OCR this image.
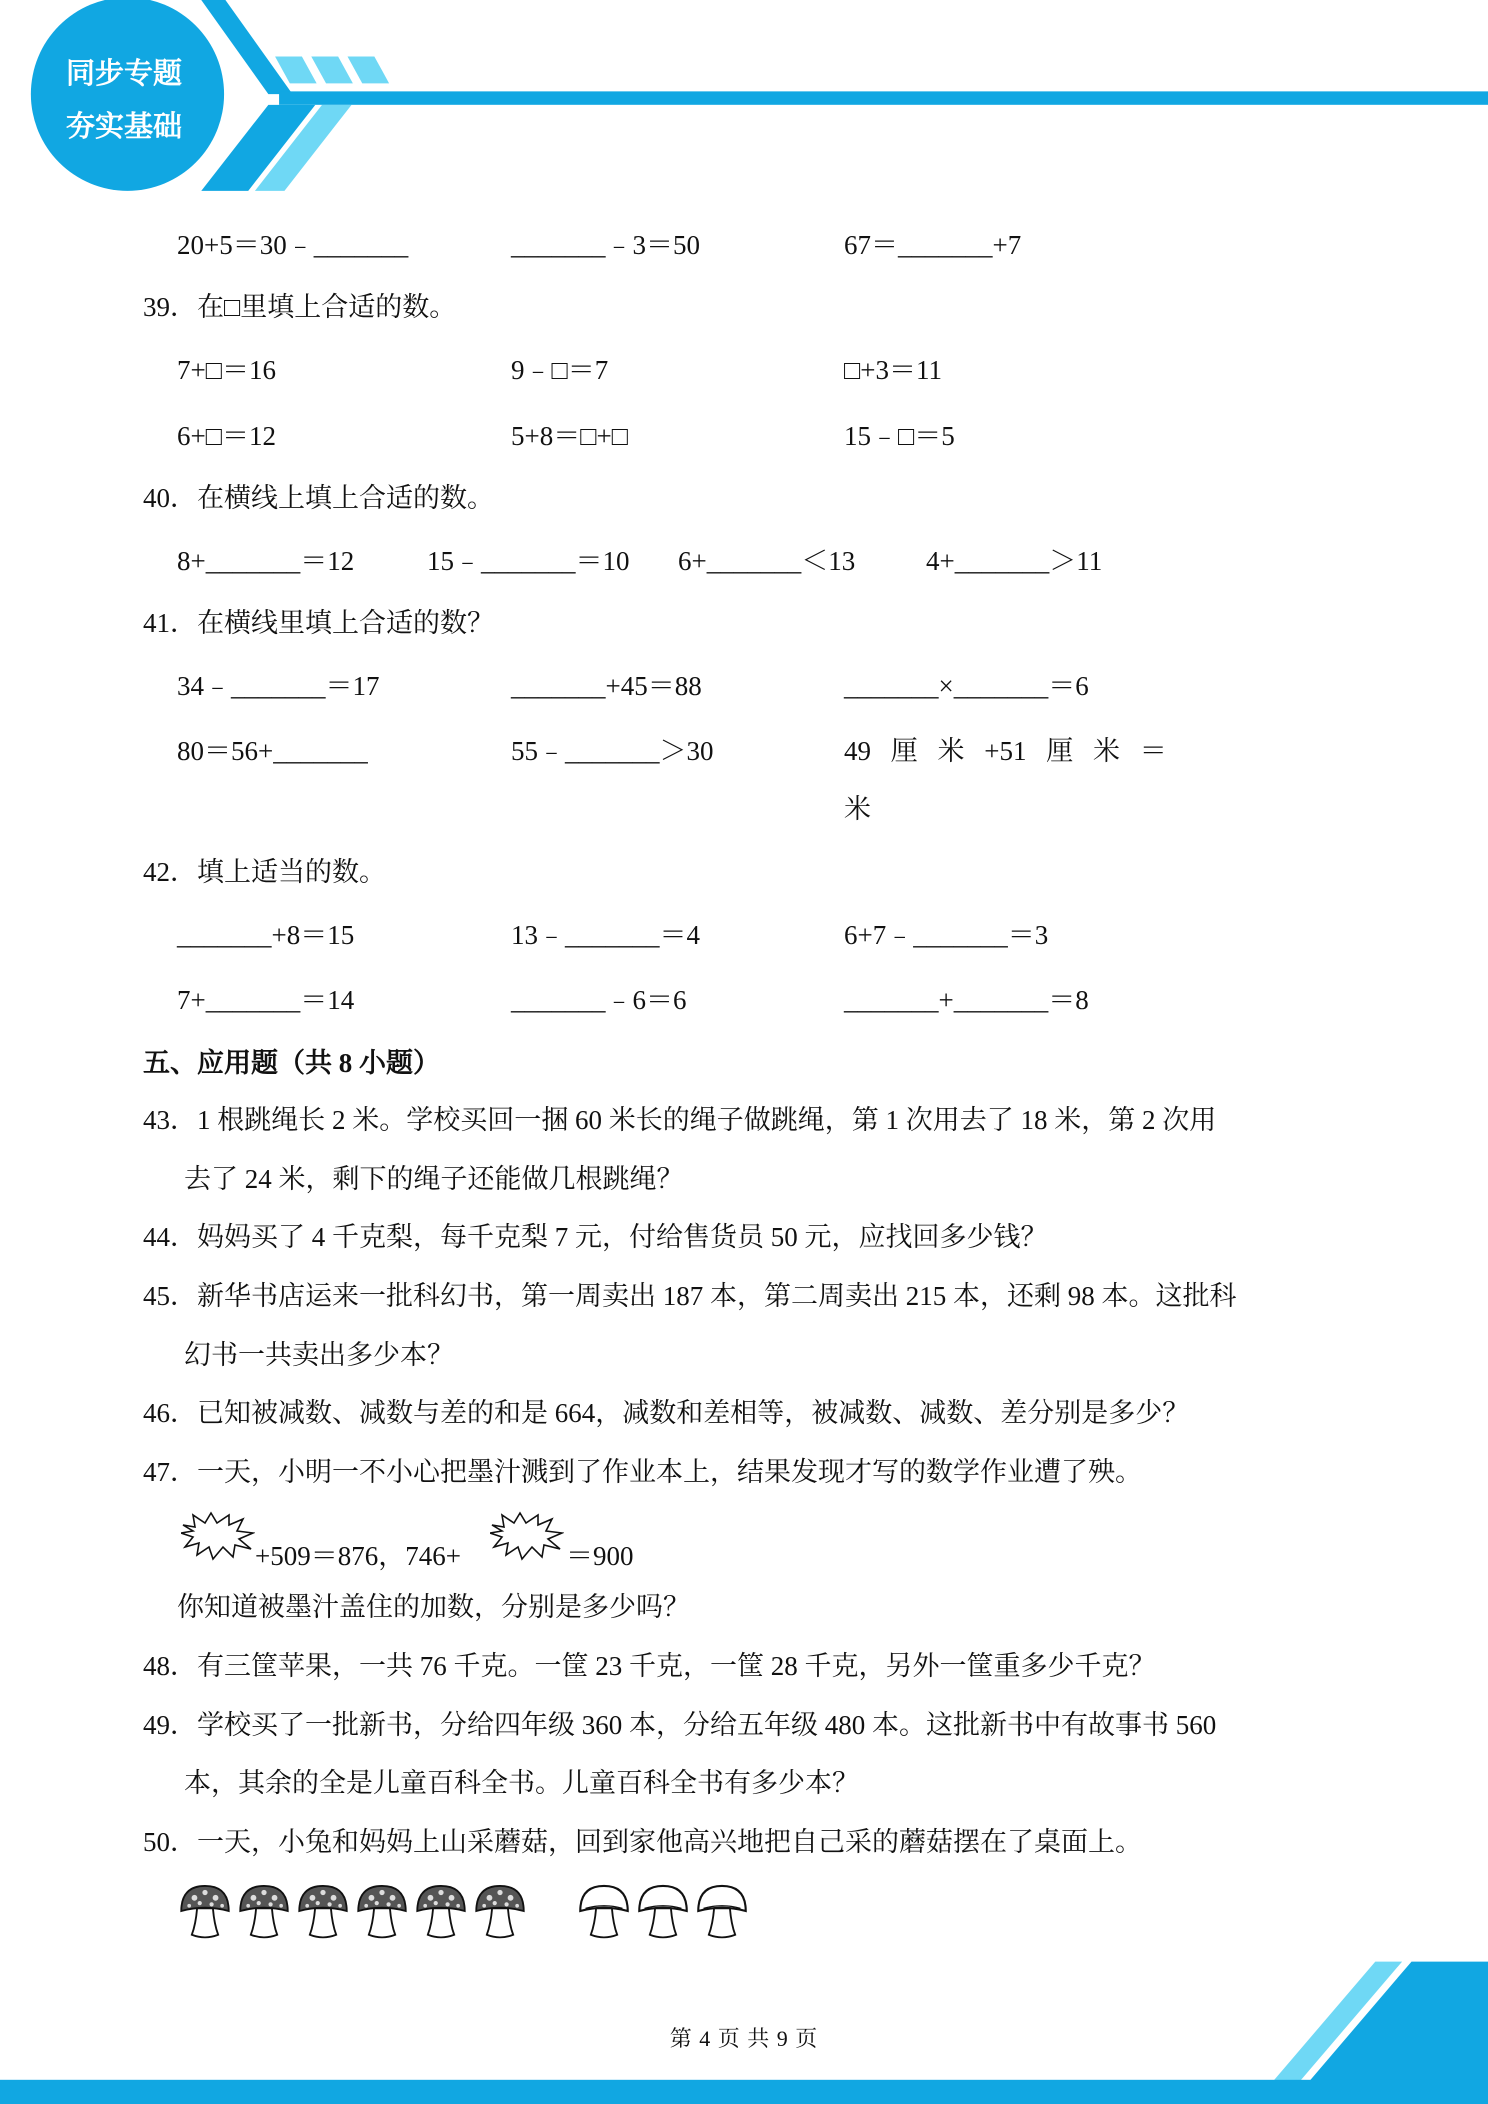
同步专题
夯实基础
20+5＝30﹣_______	_______﹣3＝50	67＝_______+7
39．在□里填上合适的数。
7+□＝16	9﹣□＝7	□+3＝11
6+□＝12	5+8＝□+□	15﹣□＝5
40．在横线上填上合适的数。
8+_______＝12	15﹣_______＝10 6+_______＜13	4+_______＞11
41．在横线里填上合适的数？
34﹣_______＝17	_______+45＝88	_______×_______＝6
80＝56+_______	55﹣_______＞30	49 厘 米 +51 厘 米 ＝
米
42．填上适当的数。
_______+8＝15	13﹣_______＝4	6+7﹣_______＝3
7+_______＝14	_______﹣6＝6	_______+_______＝8
五、应用题（共 8 小题）
43．1 根跳绳长 2 米。学校买回一捆 60 米长的绳子做跳绳，第 1 次用去了 18 米，第 2 次用
去了 24 米，剩下的绳子还能做几根跳绳？
44．妈妈买了 4 千克梨，每千克梨 7 元，付给售货员 50 元，应找回多少钱？
45．新华书店运来一批科幻书，第一周卖出 187 本，第二周卖出 215 本，还剩 98 本。这批科
幻书一共卖出多少本？
46．已知被减数、减数与差的和是 664，减数和差相等，被减数、减数、差分别是多少？
47．一天，小明一不小心把墨汁溅到了作业本上，结果发现才写的数学作业遭了殃。
+509＝876，746+	＝900
你知道被墨汁盖住的加数，分别是多少吗？
48．有三筐苹果，一共 76 千克。一筐 23 千克，一筐 28 千克，另外一筐重多少千克？
49．学校买了一批新书，分给四年级 360 本，分给五年级 480 本。这批新书中有故事书 560
本，其余的全是儿童百科全书。儿童百科全书有多少本？
50．一天，小兔和妈妈上山采蘑菇，回到家他高兴地把自己采的蘑菇摆在了桌面上。
第 4 页 共 9 页
